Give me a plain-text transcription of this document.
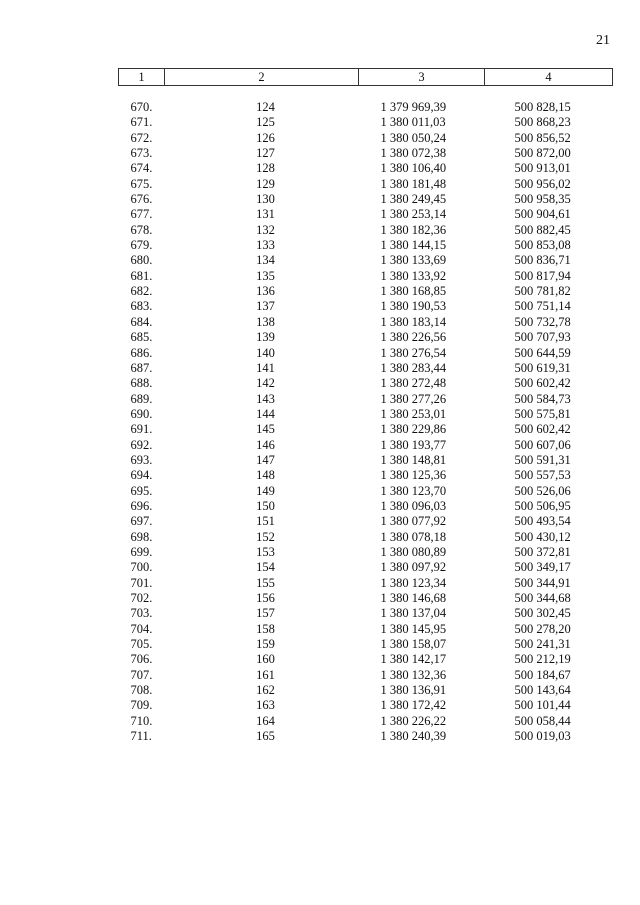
21
1	2	3	4

670.	124	1 379 969,39	500 828,15
671.	125	1 380 011,03	500 868,23
672.	126	1 380 050,24	500 856,52
673.	127	1 380 072,38	500 872,00
674.	128	1 380 106,40	500 913,01
675.	129	1 380 181,48	500 956,02
676.	130	1 380 249,45	500 958,35
677.	131	1 380 253,14	500 904,61
678.	132	1 380 182,36	500 882,45
679.	133	1 380 144,15	500 853,08
680.	134	1 380 133,69	500 836,71
681.	135	1 380 133,92	500 817,94
682.	136	1 380 168,85	500 781,82
683.	137	1 380 190,53	500 751,14
684.	138	1 380 183,14	500 732,78
685.	139	1 380 226,56	500 707,93
686.	140	1 380 276,54	500 644,59
687.	141	1 380 283,44	500 619,31
688.	142	1 380 272,48	500 602,42
689.	143	1 380 277,26	500 584,73
690.	144	1 380 253,01	500 575,81
691.	145	1 380 229,86	500 602,42
692.	146	1 380 193,77	500 607,06
693.	147	1 380 148,81	500 591,31
694.	148	1 380 125,36	500 557,53
695.	149	1 380 123,70	500 526,06
696.	150	1 380 096,03	500 506,95
697.	151	1 380 077,92	500 493,54
698.	152	1 380 078,18	500 430,12
699.	153	1 380 080,89	500 372,81
700.	154	1 380 097,92	500 349,17
701.	155	1 380 123,34	500 344,91
702.	156	1 380 146,68	500 344,68
703.	157	1 380 137,04	500 302,45
704.	158	1 380 145,95	500 278,20
705.	159	1 380 158,07	500 241,31
706.	160	1 380 142,17	500 212,19
707.	161	1 380 132,36	500 184,67
708.	162	1 380 136,91	500 143,64
709.	163	1 380 172,42	500 101,44
710.	164	1 380 226,22	500 058,44
711.	165	1 380 240,39	500 019,03
